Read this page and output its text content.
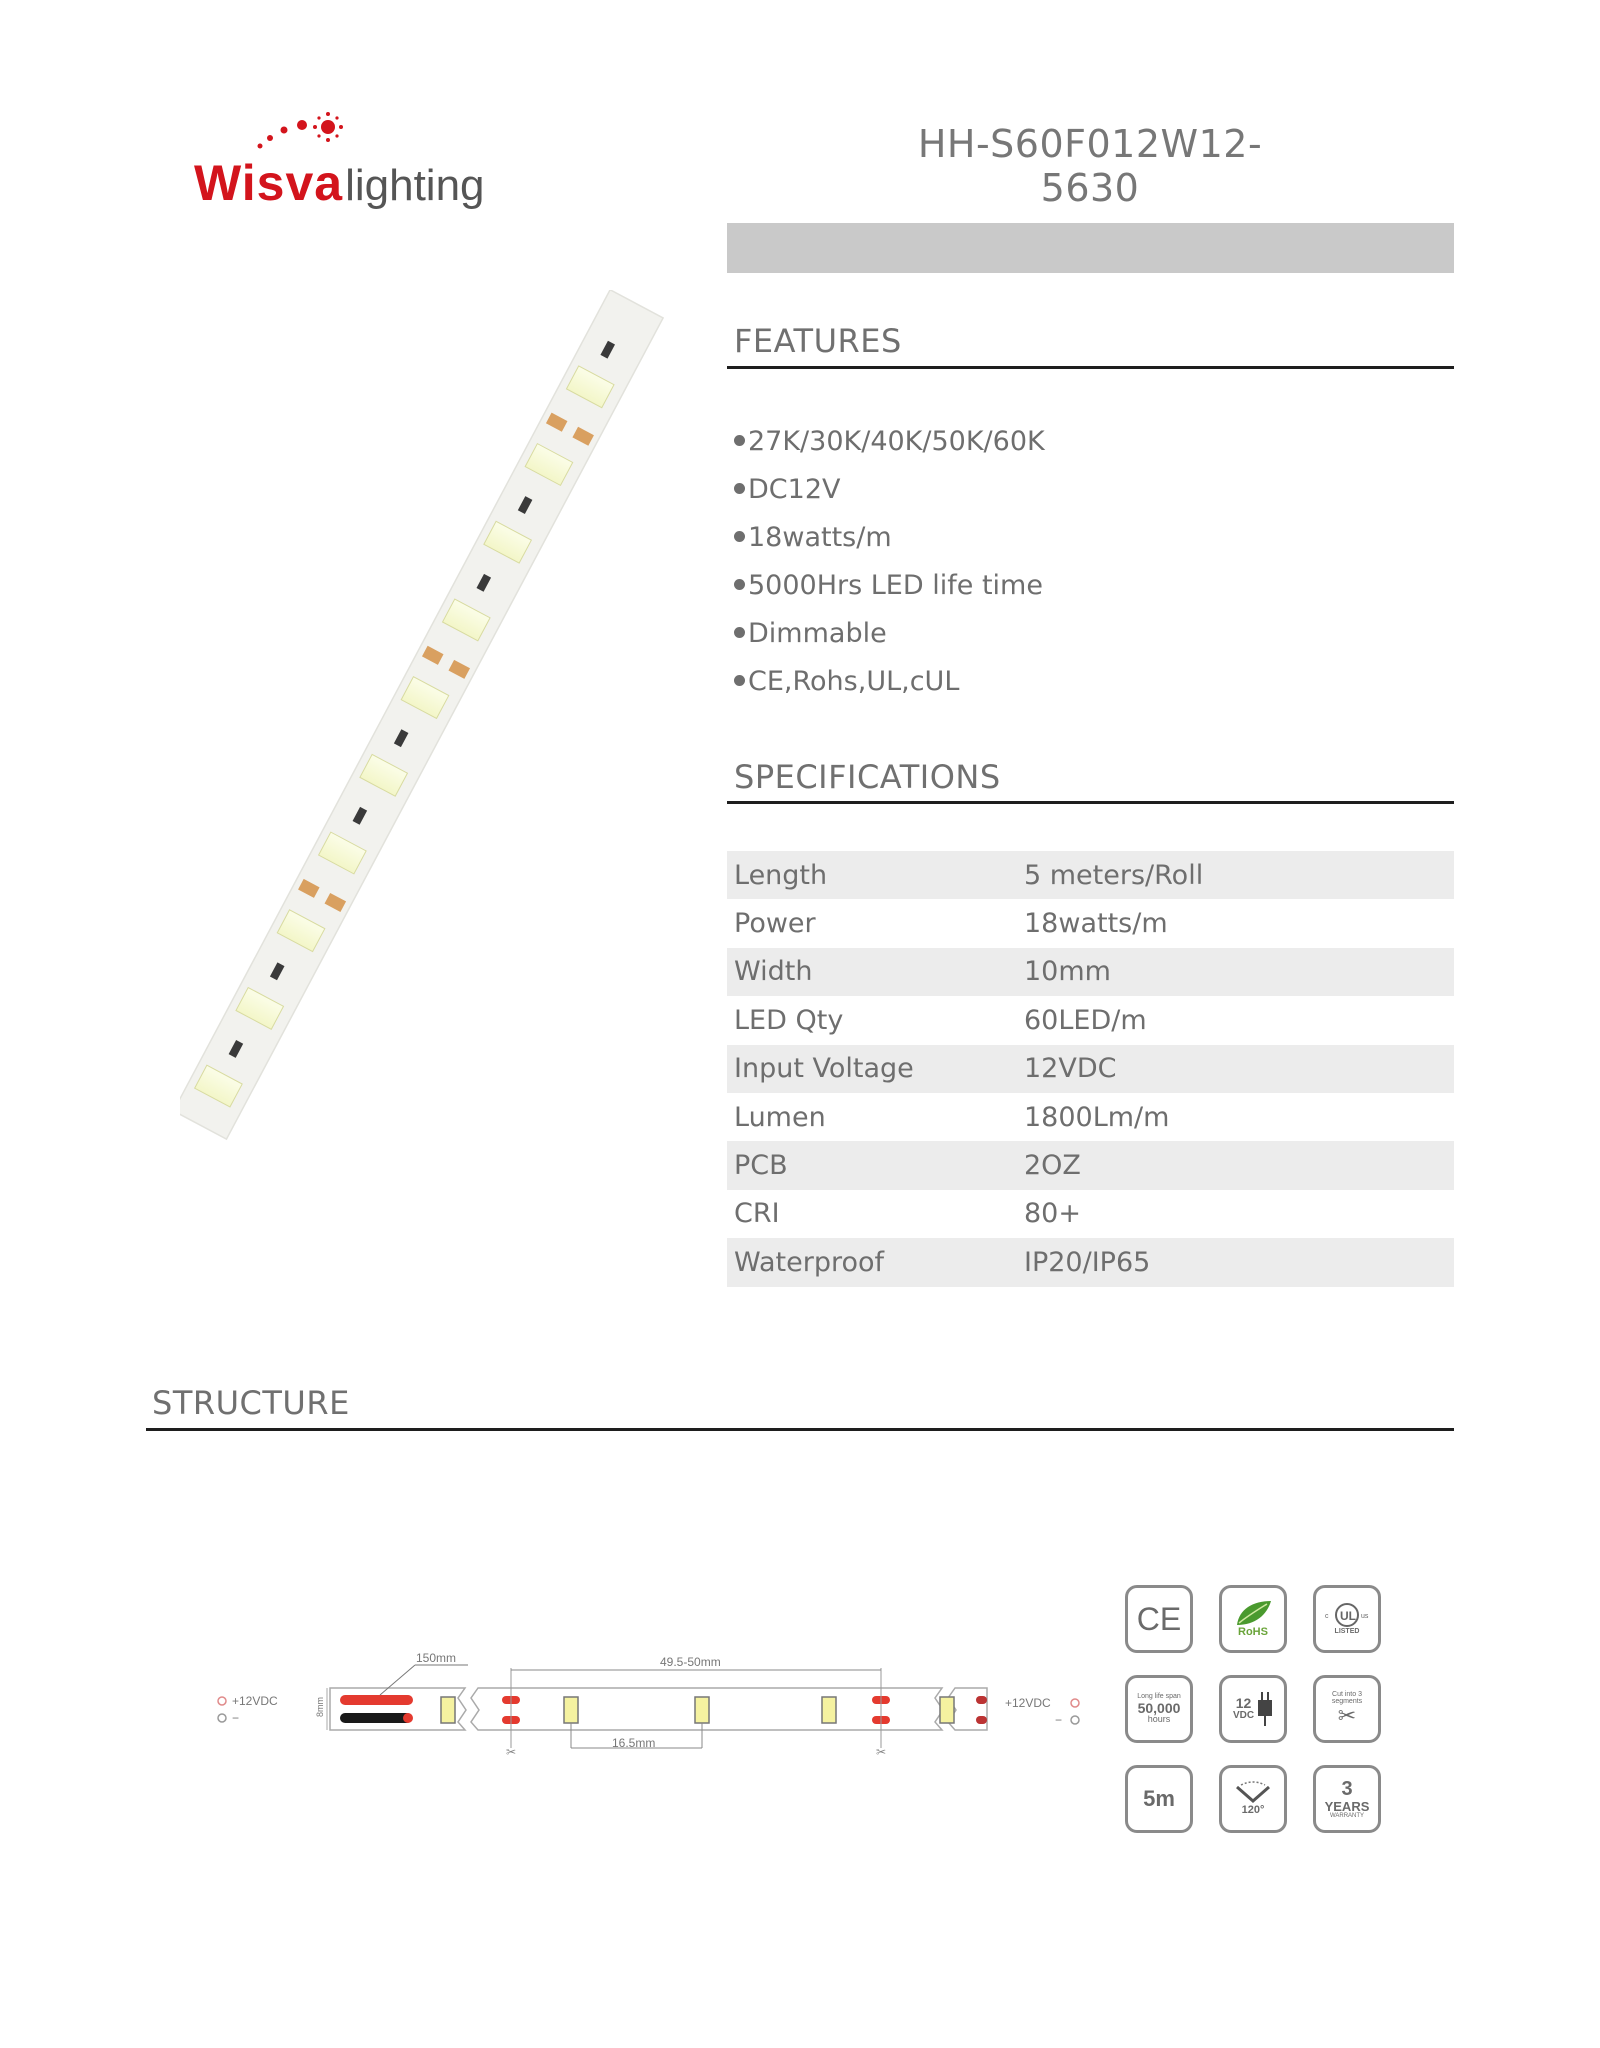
Wisvalighting
HH-S60F012W12-5630
FEATURES
27K/30K/40K/50K/60K
DC12V
18watts/m
5000Hrs LED life time
Dimmable
CE,Rohs,UL,cUL
SPECIFICATIONS
Length	5 meters/Roll
Power	18watts/m
Width	10mm
LED Qty	60LED/m
Input Voltage	12VDC
Lumen	1800Lm/m
PCB	2OZ
CRI	80+
Waterproof	IP20/IP65
STRUCTURE
✂	✂
+12VDC
−
150mm	49.5-50mm
16.5mm
8mm	+12VDC
−
CE	RoHS
UL
c	us
LISTED
Long life span
50,000
hours
12
VDC
Cut into 3 segments
✂
5m	120°
3
YEARS
WARRANTY
